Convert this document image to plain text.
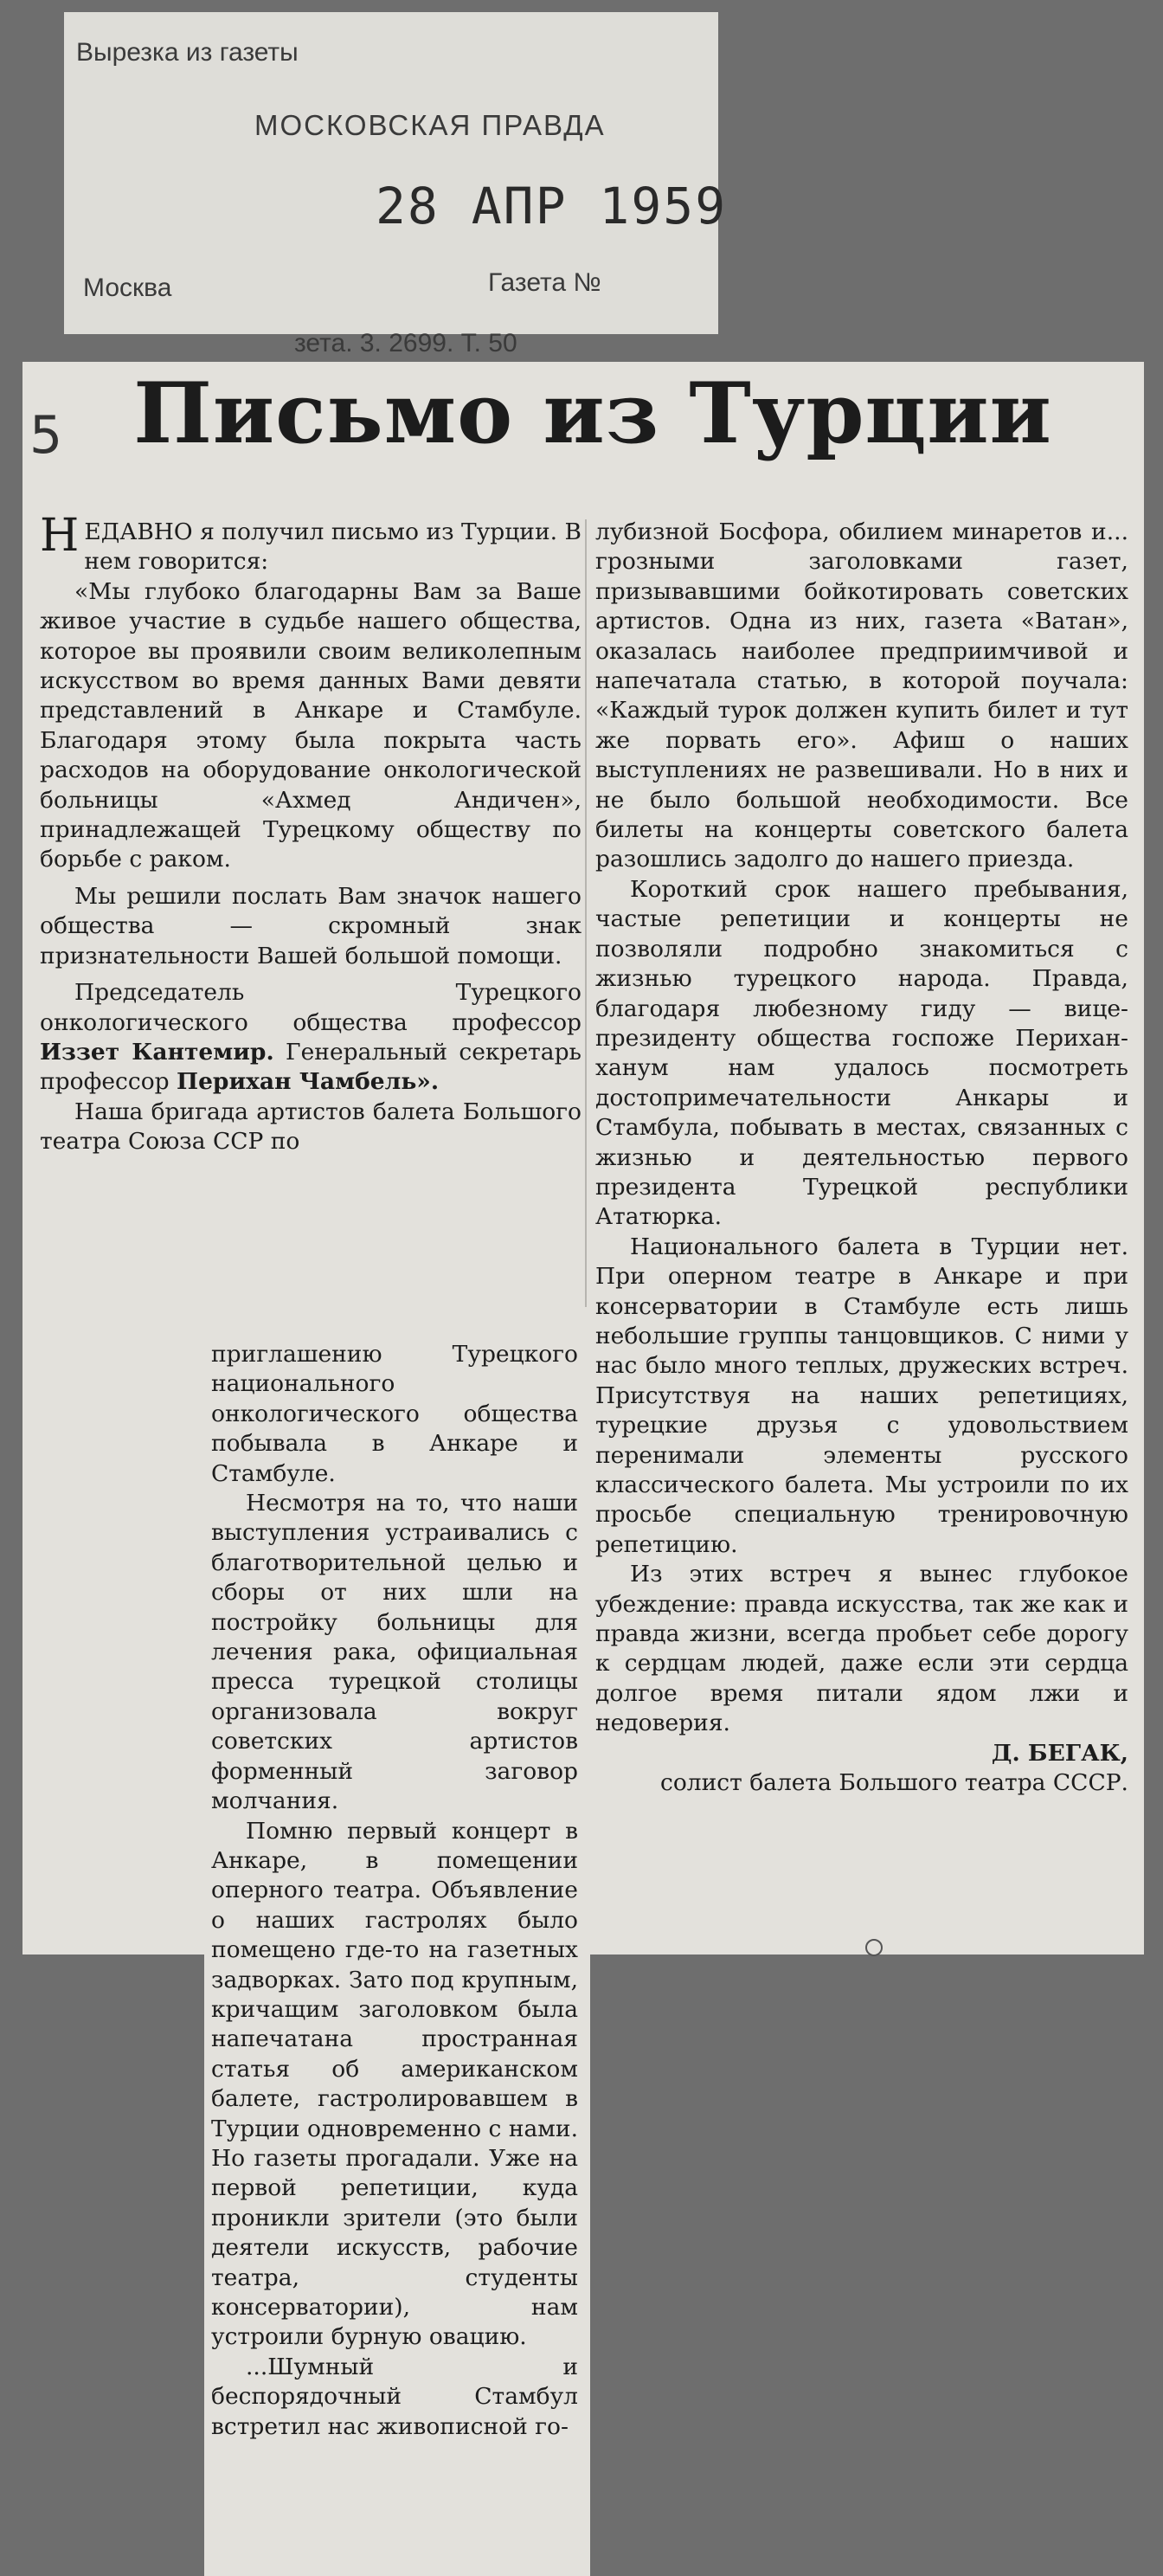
Вырезка из газеты
МОСКОВСКАЯ ПРАВДА
28 АПР 1959
Москва	Газета №
зета. 3. 2699. Т. 50
5 Письмо из Турции

НЕДАВНО я получил письмо из Турции. В нем говорится:

«Мы глубоко благодарны Вам за Ваше живое участие в судьбе нашего общества, которое вы проявили своим великолепным искусством во время данных Вами девяти представлений в Анкаре и Стамбуле. Благодаря этому была покрыта часть расходов на оборудование онкологической больницы «Ахмед Андичен», принадлежащей Турецкому обществу по борьбе с раком.

Мы решили послать Вам значок нашего общества — скромный знак признательности Вашей большой помощи.

Председатель Турецкого онкологического общества профессор Иззет Кантемир. Генеральный секретарь профессор Перихан Чамбель».

Наша бригада артистов балета Большого театра Союза ССР по

приглашению Турецкого национального онкологического общества побывала в Анкаре и Стамбуле.

Несмотря на то, что наши выступления устраивались с благотворительной целью и сборы от них шли на постройку больницы для лечения рака, официальная пресса турецкой столицы организовала вокруг советских артистов форменный заговор молчания.

Помню первый концерт в Анкаре, в помещении оперного театра. Объявление о наших гастролях было помещено где-то на газетных задворках. Зато под крупным, кричащим заголовком была напечатана пространная статья об американском балете, гастролировавшем в Турции одновременно с нами. Но газеты прогадали. Уже на первой репетиции, куда проникли зрители (это были деятели искусств, рабочие театра, студенты консерватории), нам устроили бурную овацию.

...Шумный и беспорядочный Стамбул встретил нас живописной го-

лубизной Босфора, обилием минаретов и... грозными заголовками газет, призывавшими бойкотировать советских артистов. Одна из них, газета «Ватан», оказалась наиболее предприимчивой и напечатала статью, в которой поучала: «Каждый турок должен купить билет и тут же порвать его». Афиш о наших выступлениях не развешивали. Но в них и не было большой необходимости. Все билеты на концерты советского балета разошлись задолго до нашего приезда.

Короткий срок нашего пребывания, частые репетиции и концерты не позволяли подробно знакомиться с жизнью турецкого народа. Правда, благодаря любезному гиду — вице-президенту общества госпоже Перихан-ханум нам удалось посмотреть достопримечательности Анкары и Стамбула, побывать в местах, связанных с жизнью и деятельностью первого президента Турецкой республики Ататюрка.

Национального балета в Турции нет. При оперном театре в Анкаре и при консерватории в Стамбуле есть лишь небольшие группы танцовщиков. С ними у нас было много теплых, дружеских встреч. Присутствуя на наших репетициях, турецкие друзья с удовольствием перенимали элементы русского классического балета. Мы устроили по их просьбе специальную тренировочную репетицию.

Из этих встреч я вынес глубокое убеждение: правда искусства, так же как и правда жизни, всегда пробьет себе дорогу к сердцам людей, даже если эти сердца долгое время питали ядом лжи и недоверия.

Д. БЕГАК,

солист балета Большого театра СССР.
